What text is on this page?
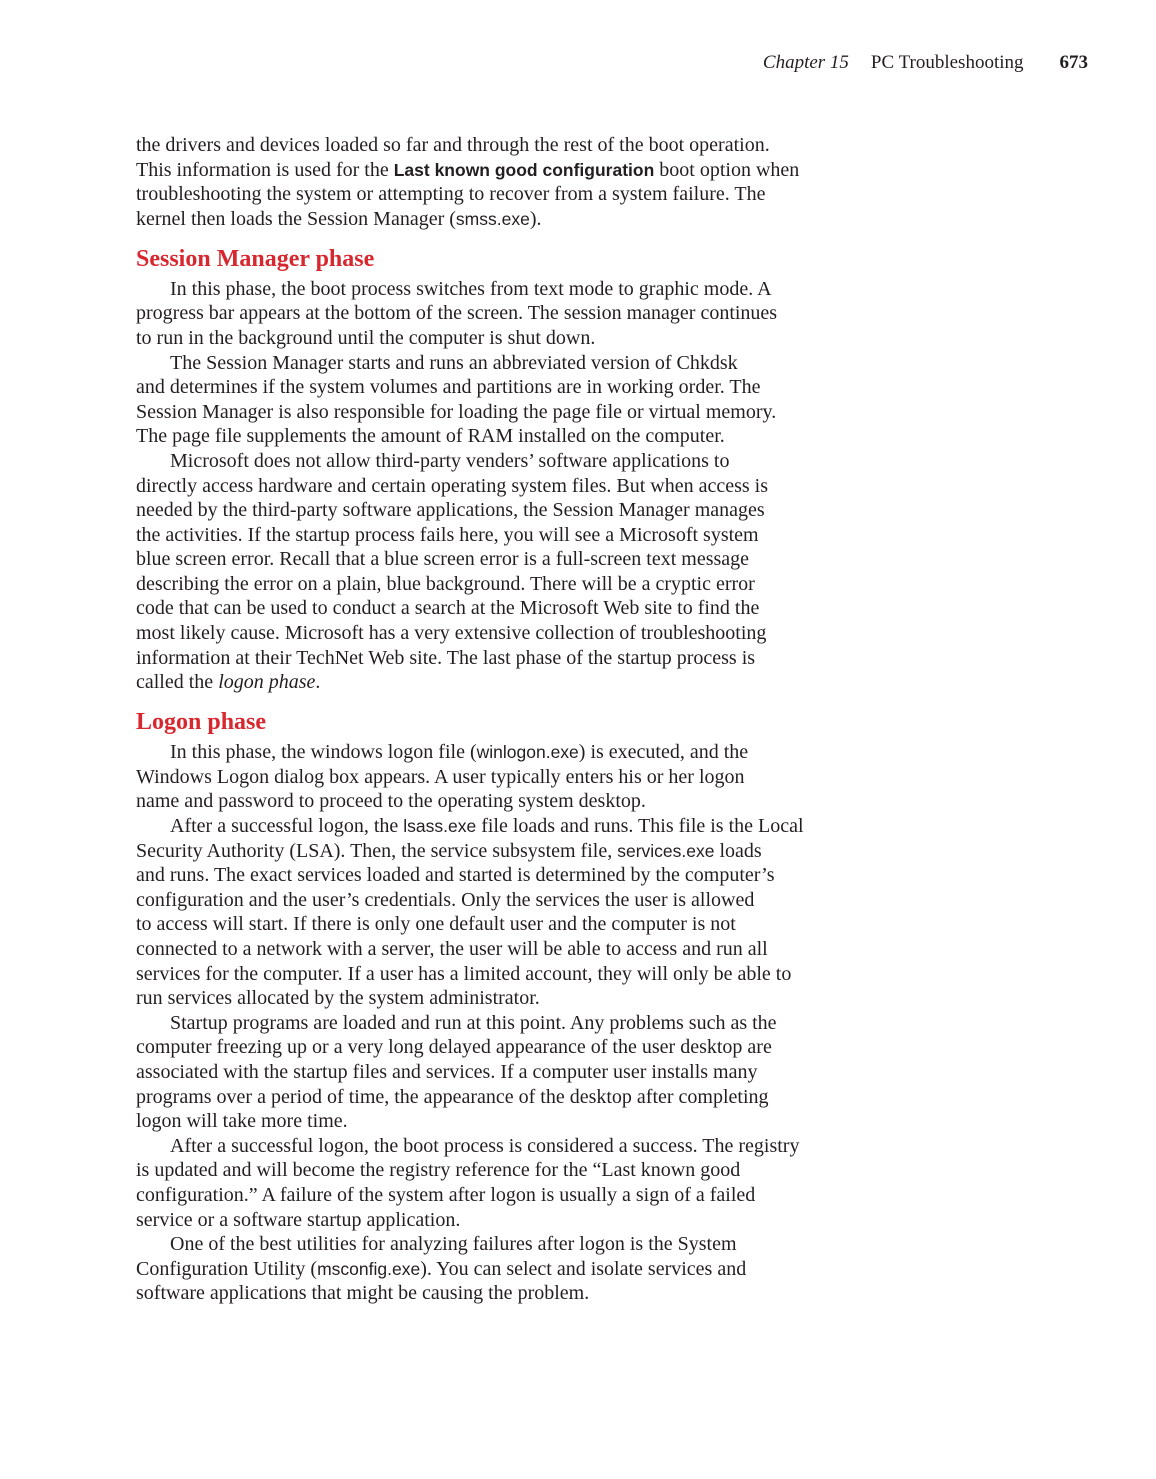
Chapter 15 PC Troubleshooting 673
the drivers and devices loaded so far and through the rest of the boot operation.
This information is used for the Last known good configuration boot option when
troubleshooting the system or attempting to recover from a system failure. The
kernel then loads the Session Manager (smss.exe).
Session Manager phase
In this phase, the boot process switches from text mode to graphic mode. A
progress bar appears at the bottom of the screen. The session manager continues
to run in the background until the computer is shut down.
The Session Manager starts and runs an abbreviated version of Chkdsk
and determines if the system volumes and partitions are in working order. The
Session Manager is also responsible for loading the page file or virtual memory.
The page file supplements the amount of RAM installed on the computer.
Microsoft does not allow third-party venders’ software applications to
directly access hardware and certain operating system files. But when access is
needed by the third-party software applications, the Session Manager manages
the activities. If the startup process fails here, you will see a Microsoft system
blue screen error. Recall that a blue screen error is a full-screen text message
describing the error on a plain, blue background. There will be a cryptic error
code that can be used to conduct a search at the Microsoft Web site to find the
most likely cause. Microsoft has a very extensive collection of troubleshooting
information at their TechNet Web site. The last phase of the startup process is
called the logon phase.
Logon phase
In this phase, the windows logon file (winlogon.exe) is executed, and the
Windows Logon dialog box appears. A user typically enters his or her logon
name and password to proceed to the operating system desktop.
After a successful logon, the lsass.exe file loads and runs. This file is the Local
Security Authority (LSA). Then, the service subsystem file, services.exe loads
and runs. The exact services loaded and started is determined by the computer’s
configuration and the user’s credentials. Only the services the user is allowed
to access will start. If there is only one default user and the computer is not
connected to a network with a server, the user will be able to access and run all
services for the computer. If a user has a limited account, they will only be able to
run services allocated by the system administrator.
Startup programs are loaded and run at this point. Any problems such as the
computer freezing up or a very long delayed appearance of the user desktop are
associated with the startup files and services. If a computer user installs many
programs over a period of time, the appearance of the desktop after completing
logon will take more time.
After a successful logon, the boot process is considered a success. The registry
is updated and will become the registry reference for the “Last known good
configuration.” A failure of the system after logon is usually a sign of a failed
service or a software startup application.
One of the best utilities for analyzing failures after logon is the System
Configuration Utility (msconfig.exe). You can select and isolate services and
software applications that might be causing the problem.
